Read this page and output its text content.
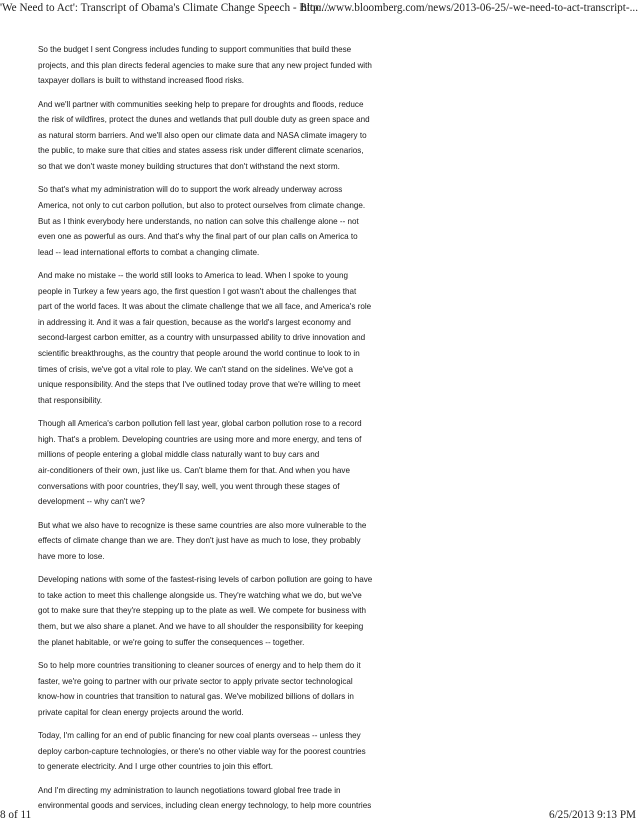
'We Need to Act': Transcript of Obama's Climate Change Speech - Bloo...
http://www.bloomberg.com/news/2013-06-25/-we-need-to-act-transcript-...

So the budget I sent Congress includes funding to support communities that build these
projects, and this plan directs federal agencies to make sure that any new project funded with
taxpayer dollars is built to withstand increased flood risks.

And we'll partner with communities seeking help to prepare for droughts and floods, reduce
the risk of wildfires, protect the dunes and wetlands that pull double duty as green space and
as natural storm barriers. And we'll also open our climate data and NASA climate imagery to
the public, to make sure that cities and states assess risk under different climate scenarios,
so that we don't waste money building structures that don't withstand the next storm.

So that's what my administration will do to support the work already underway across
America, not only to cut carbon pollution, but also to protect ourselves from climate change.
But as I think everybody here understands, no nation can solve this challenge alone -- not
even one as powerful as ours. And that's why the final part of our plan calls on America to
lead -- lead international efforts to combat a changing climate.

And make no mistake -- the world still looks to America to lead. When I spoke to young
people in Turkey a few years ago, the first question I got wasn't about the challenges that
part of the world faces. It was about the climate challenge that we all face, and America's role
in addressing it. And it was a fair question, because as the world's largest economy and
second-largest carbon emitter, as a country with unsurpassed ability to drive innovation and
scientific breakthroughs, as the country that people around the world continue to look to in
times of crisis, we've got a vital role to play. We can't stand on the sidelines. We've got a
unique responsibility. And the steps that I've outlined today prove that we're willing to meet
that responsibility.

Though all America's carbon pollution fell last year, global carbon pollution rose to a record
high. That's a problem. Developing countries are using more and more energy, and tens of
millions of people entering a global middle class naturally want to buy cars and
air-conditioners of their own, just like us. Can't blame them for that. And when you have
conversations with poor countries, they'll say, well, you went through these stages of
development -- why can't we?

But what we also have to recognize is these same countries are also more vulnerable to the
effects of climate change than we are. They don't just have as much to lose, they probably
have more to lose.

Developing nations with some of the fastest-rising levels of carbon pollution are going to have
to take action to meet this challenge alongside us. They're watching what we do, but we've
got to make sure that they're stepping up to the plate as well. We compete for business with
them, but we also share a planet. And we have to all shoulder the responsibility for keeping
the planet habitable, or we're going to suffer the consequences -- together.

So to help more countries transitioning to cleaner sources of energy and to help them do it
faster, we're going to partner with our private sector to apply private sector technological
know-how in countries that transition to natural gas. We've mobilized billions of dollars in
private capital for clean energy projects around the world.

Today, I'm calling for an end of public financing for new coal plants overseas -- unless they
deploy carbon-capture technologies, or there's no other viable way for the poorest countries
to generate electricity. And I urge other countries to join this effort.

And I'm directing my administration to launch negotiations toward global free trade in
environmental goods and services, including clean energy technology, to help more countries

8 of 11	6/25/2013 9:13 PM
